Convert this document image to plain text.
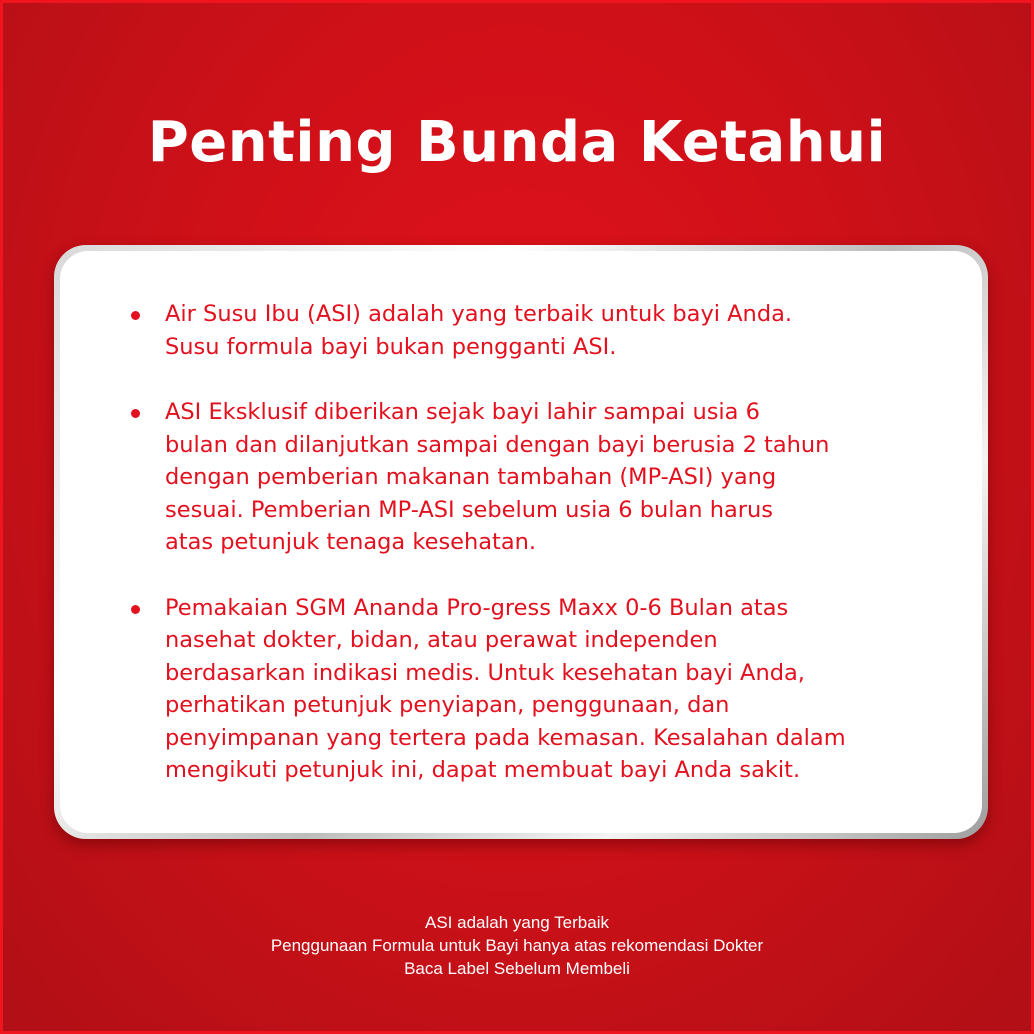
Penting Bunda Ketahui
Air Susu Ibu (ASI) adalah yang terbaik untuk bayi Anda.
Susu formula bayi bukan pengganti ASI.
ASI Eksklusif diberikan sejak bayi lahir sampai usia 6
bulan dan dilanjutkan sampai dengan bayi berusia 2 tahun
dengan pemberian makanan tambahan (MP-ASI) yang
sesuai. Pemberian MP-ASI sebelum usia 6 bulan harus
atas petunjuk tenaga kesehatan.
Pemakaian SGM Ananda Pro-gress Maxx 0-6 Bulan atas
nasehat dokter, bidan, atau perawat independen
berdasarkan indikasi medis. Untuk kesehatan bayi Anda,
perhatikan petunjuk penyiapan, penggunaan, dan
penyimpanan yang tertera pada kemasan. Kesalahan dalam
mengikuti petunjuk ini, dapat membuat bayi Anda sakit.
ASI adalah yang Terbaik
Penggunaan Formula untuk Bayi hanya atas rekomendasi Dokter
Baca Label Sebelum Membeli
